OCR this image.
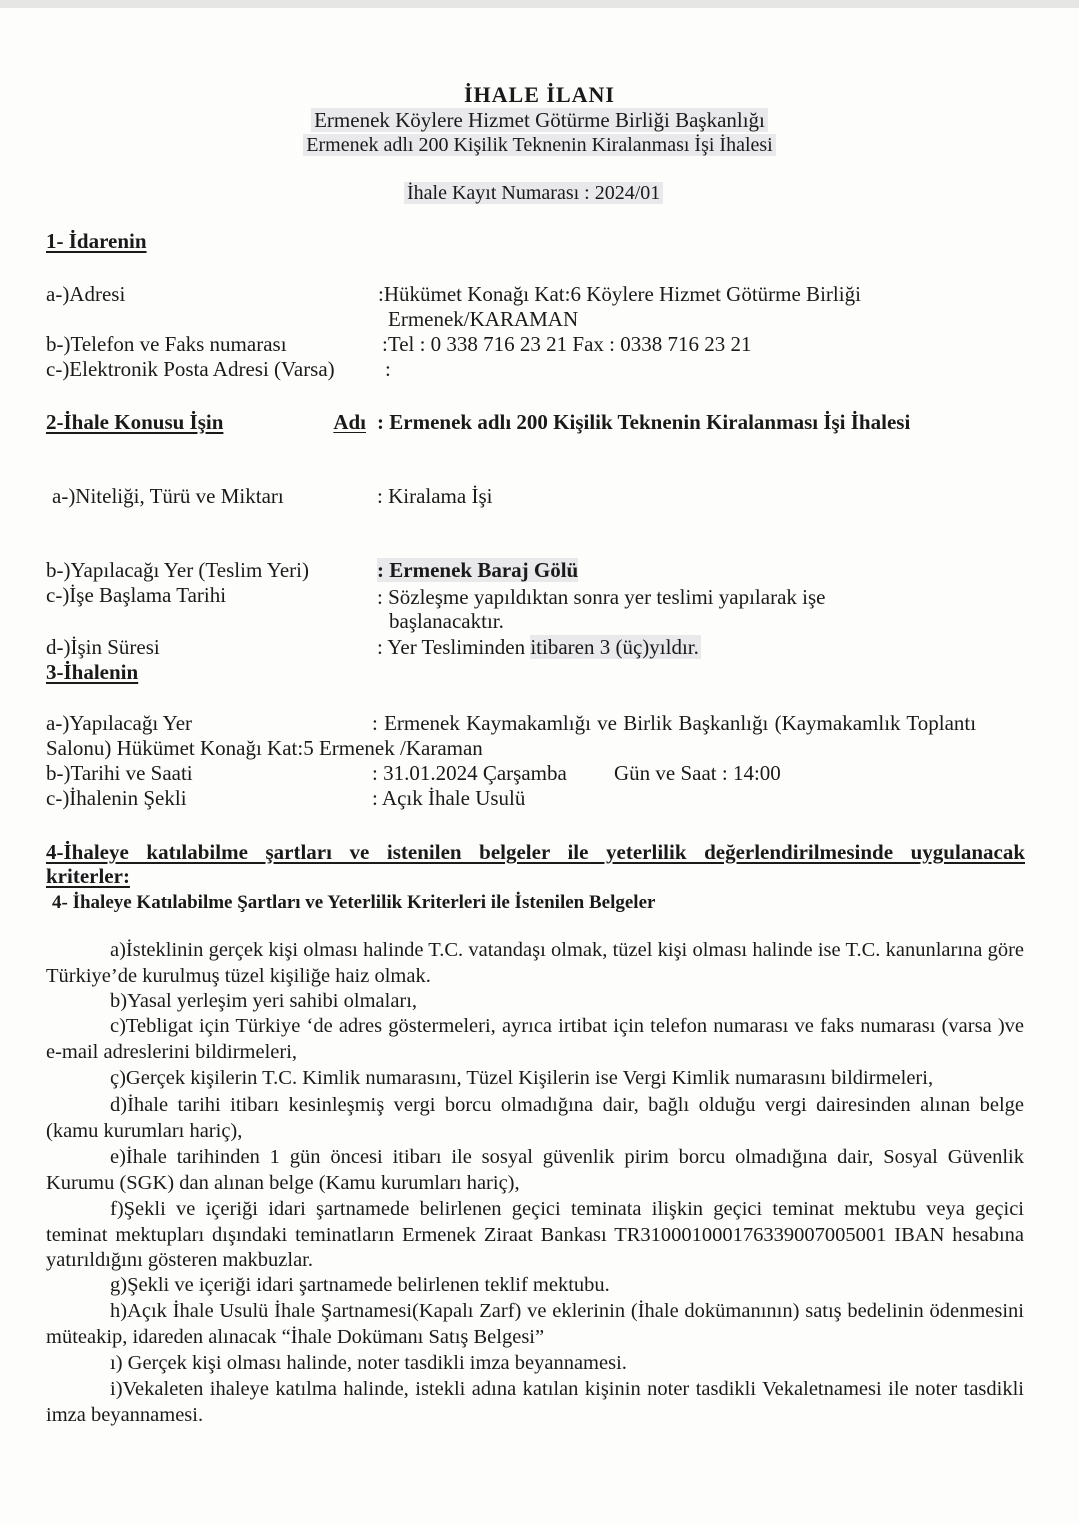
İHALE İLANI
Ermenek Köylere Hizmet Götürme Birliği Başkanlığı
Ermenek adlı 200 Kişilik Teknenin Kiralanması İşi İhalesi
İhale Kayıt Numarası : 2024/01
1- İdarenin
a-)Adresi	:Hükümet Konağı Kat:6 Köylere Hizmet Götürme Birliği
Ermenek/KARAMAN
b-)Telefon ve Faks numarası	:Tel : 0 338 716 23 21 Fax : 0338 716 23 21
c-)Elektronik Posta Adresi (Varsa) :
2-İhale Konusu İşin	Adı : Ermenek adlı 200 Kişilik Teknenin Kiralanması İşi İhalesi
a-)Niteliği, Türü ve Miktarı	: Kiralama İşi
b-)Yapılacağı Yer (Teslim Yeri)	: Ermenek Baraj Gölü
c-)İşe Başlama Tarihi	: Sözleşme yapıldıktan sonra yer teslimi yapılarak işe
başlanacaktır.
d-)İşin Süresi	: Yer Tesliminden itibaren 3 (üç)yıldır.
3-İhalenin
a-)Yapılacağı Yer	: Ermenek Kaymakamlığı ve Birlik Başkanlığı (Kaymakamlık Toplantı
Salonu) Hükümet Konağı Kat:5 Ermenek /Karaman
b-)Tarihi ve Saati	: 31.01.2024 Çarşamba Gün ve Saat : 14:00
c-)İhalenin Şekli	: Açık İhale Usulü
4-İhaleye katılabilme şartları ve istenilen belgeler ile yeterlilik değerlendirilmesinde uygulanacak
kriterler:
4- İhaleye Katılabilme Şartları ve Yeterlilik Kriterleri ile İstenilen Belgeler
a)İsteklinin gerçek kişi olması halinde T.C. vatandaşı olmak, tüzel kişi olması halinde ise T.C. kanunlarına göre Türkiye’de kurulmuş tüzel kişiliğe haiz olmak.
b)Yasal yerleşim yeri sahibi olmaları,
c)Tebligat için Türkiye ‘de adres göstermeleri, ayrıca irtibat için telefon numarası ve faks numarası (varsa )ve e-mail adreslerini bildirmeleri,
ç)Gerçek kişilerin T.C. Kimlik numarasını, Tüzel Kişilerin ise Vergi Kimlik numarasını bildirmeleri,
d)İhale tarihi itibarı kesinleşmiş vergi borcu olmadığına dair, bağlı olduğu vergi dairesinden alınan belge (kamu kurumları hariç),
e)İhale tarihinden 1 gün öncesi itibarı ile sosyal güvenlik pirim borcu olmadığına dair, Sosyal Güvenlik Kurumu (SGK) dan alınan belge (Kamu kurumları hariç),
f)Şekli ve içeriği idari şartnamede belirlenen geçici teminata ilişkin geçici teminat mektubu veya geçici teminat mektupları dışındaki teminatların Ermenek Ziraat Bankası TR310001000176339007005001 IBAN hesabına yatırıldığını gösteren makbuzlar.
g)Şekli ve içeriği idari şartnamede belirlenen teklif mektubu.
h)Açık İhale Usulü İhale Şartnamesi(Kapalı Zarf) ve eklerinin (İhale dokümanının) satış bedelinin ödenmesini müteakip, idareden alınacak “İhale Dokümanı Satış Belgesi”
ı) Gerçek kişi olması halinde, noter tasdikli imza beyannamesi.
i)Vekaleten ihaleye katılma halinde, istekli adına katılan kişinin noter tasdikli Vekaletnamesi ile noter tasdikli imza beyannamesi.
